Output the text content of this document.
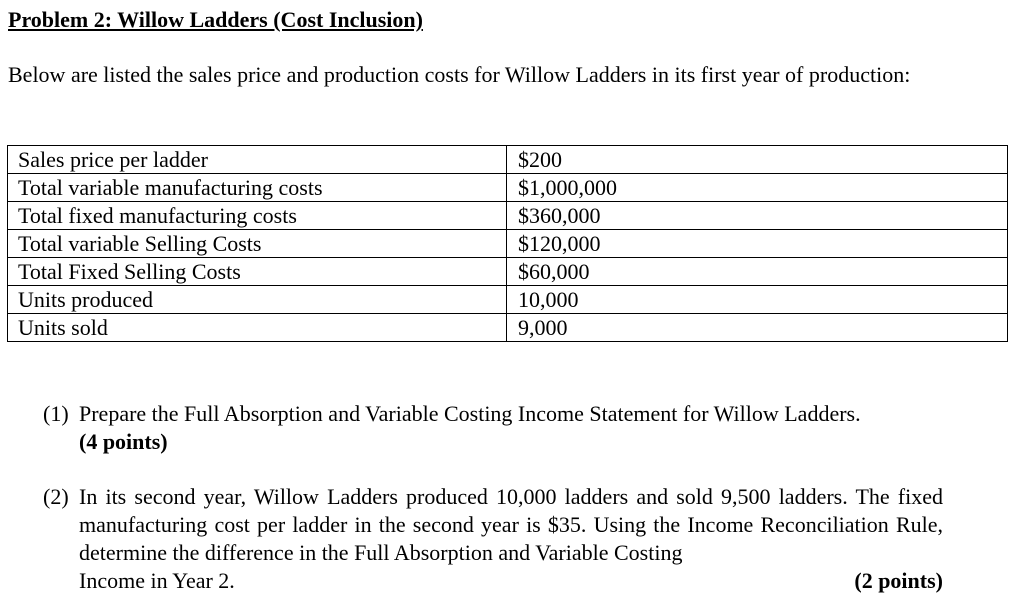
Problem 2: Willow Ladders (Cost Inclusion)
Below are listed the sales price and production costs for Willow Ladders in its first year of production:
Sales price per ladder	$200
Total variable manufacturing costs	$1,000,000
Total fixed manufacturing costs	$360,000
Total variable Selling Costs	$120,000
Total Fixed Selling Costs	$60,000
Units produced	10,000
Units sold	9,000
(1) Prepare the Full Absorption and Variable Costing Income Statement for Willow Ladders.
(4 points)
(2) In its second year, Willow Ladders produced 10,000 ladders and sold 9,500 ladders. The fixed manufacturing cost per ladder in the second year is $35. Using the Income Reconciliation Rule, determine the difference in the Full Absorption and Variable Costing
Income in Year 2.	(2 points)
